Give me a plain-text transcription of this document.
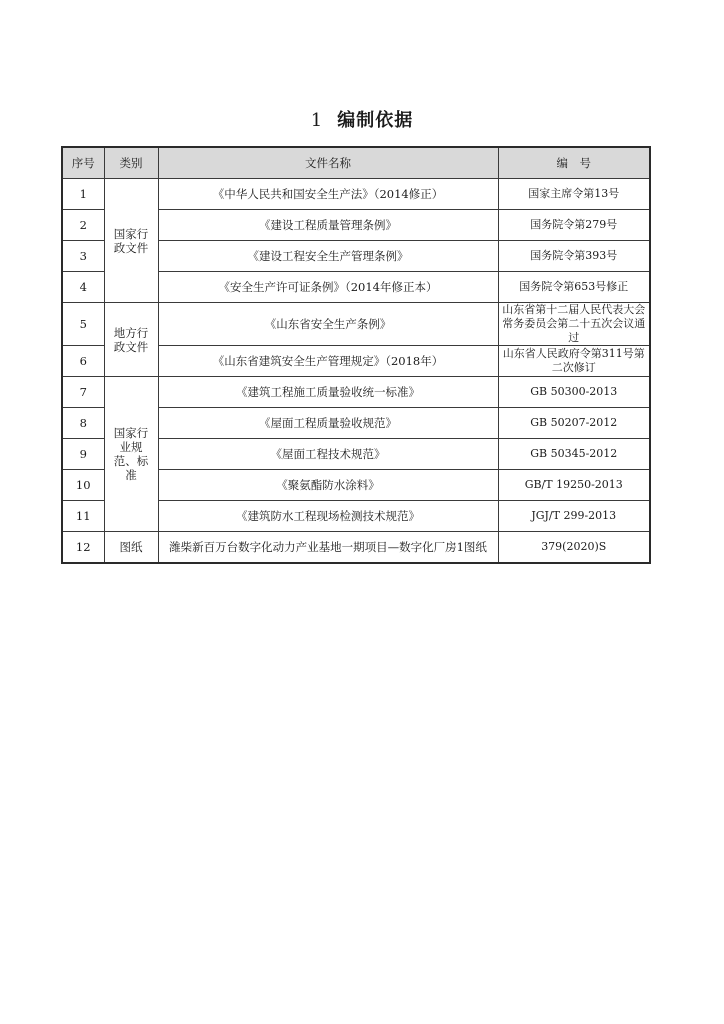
1 编制依据
序号	类别	文件名称	编　号
1	国家行政文件	《中华人民共和国安全生产法》（2014修正）	国家主席令第13号
2		《建设工程质量管理条例》	国务院令第279号
3		《建设工程安全生产管理条例》	国务院令第393号
4		《安全生产许可证条例》（2014年修正本）	国务院令第653号修正
5	地方行政文件	《山东省安全生产条例》	山东省第十二届人民代表大会常务委员会第二十五次会议通过
6		《山东省建筑安全生产管理规定》（2018年）	山东省人民政府令第311号第二次修订
7	国家行业规范、标准	《建筑工程施工质量验收统一标准》	GB 50300-2013
8		《屋面工程质量验收规范》	GB 50207-2012
9		《屋面工程技术规范》	GB 50345-2012
10		《聚氨酯防水涂料》	GB/T 19250-2013
11		《建筑防水工程现场检测技术规范》	JGJ/T 299-2013
12	图纸	潍柴新百万台数字化动力产业基地一期项目—数字化厂房1图纸	379(2020)S
